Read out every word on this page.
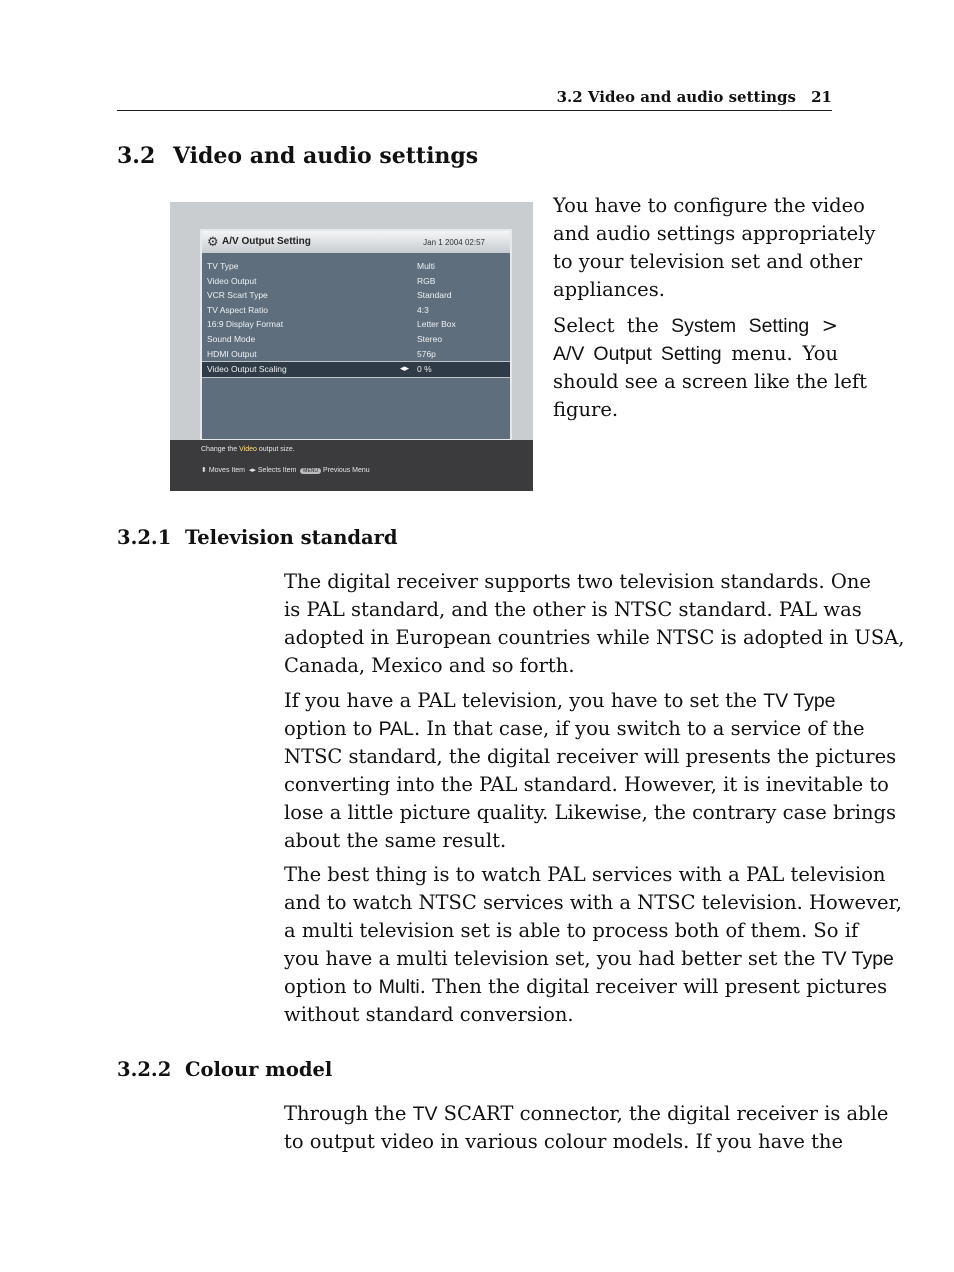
3.2 Video and audio settings 21
3.2 Video and audio settings
⚙ A/V Output Setting	Jan 1 2004 02:57
TV Type	Multi
Video Output	RGB
VCR Scart Type	Standard
TV Aspect Ratio	4:3
16:9 Display Format	Letter Box
Sound Mode	Stereo
HDMI Output	576p
Video Output Scaling	◂▸ 0 %
Change the Video output size.
⬍ Moves Item ◂▸ Selects Item MENU Previous Menu
You have to configure the video
and audio settings appropriately
to your television set and other
appliances.
Select the System Setting >
A/V Output Setting menu. You
should see a screen like the left
figure.
3.2.1 Television standard
The digital receiver supports two television standards. One
is PAL standard, and the other is NTSC standard. PAL was
adopted in European countries while NTSC is adopted in USA,
Canada, Mexico and so forth.
If you have a PAL television, you have to set the TV Type
option to PAL. In that case, if you switch to a service of the
NTSC standard, the digital receiver will presents the pictures
converting into the PAL standard. However, it is inevitable to
lose a little picture quality. Likewise, the contrary case brings
about the same result.
The best thing is to watch PAL services with a PAL television
and to watch NTSC services with a NTSC television. However,
a multi television set is able to process both of them. So if
you have a multi television set, you had better set the TV Type
option to Multi. Then the digital receiver will present pictures
without standard conversion.
3.2.2 Colour model
Through the TV SCART connector, the digital receiver is able
to output video in various colour models. If you have the
